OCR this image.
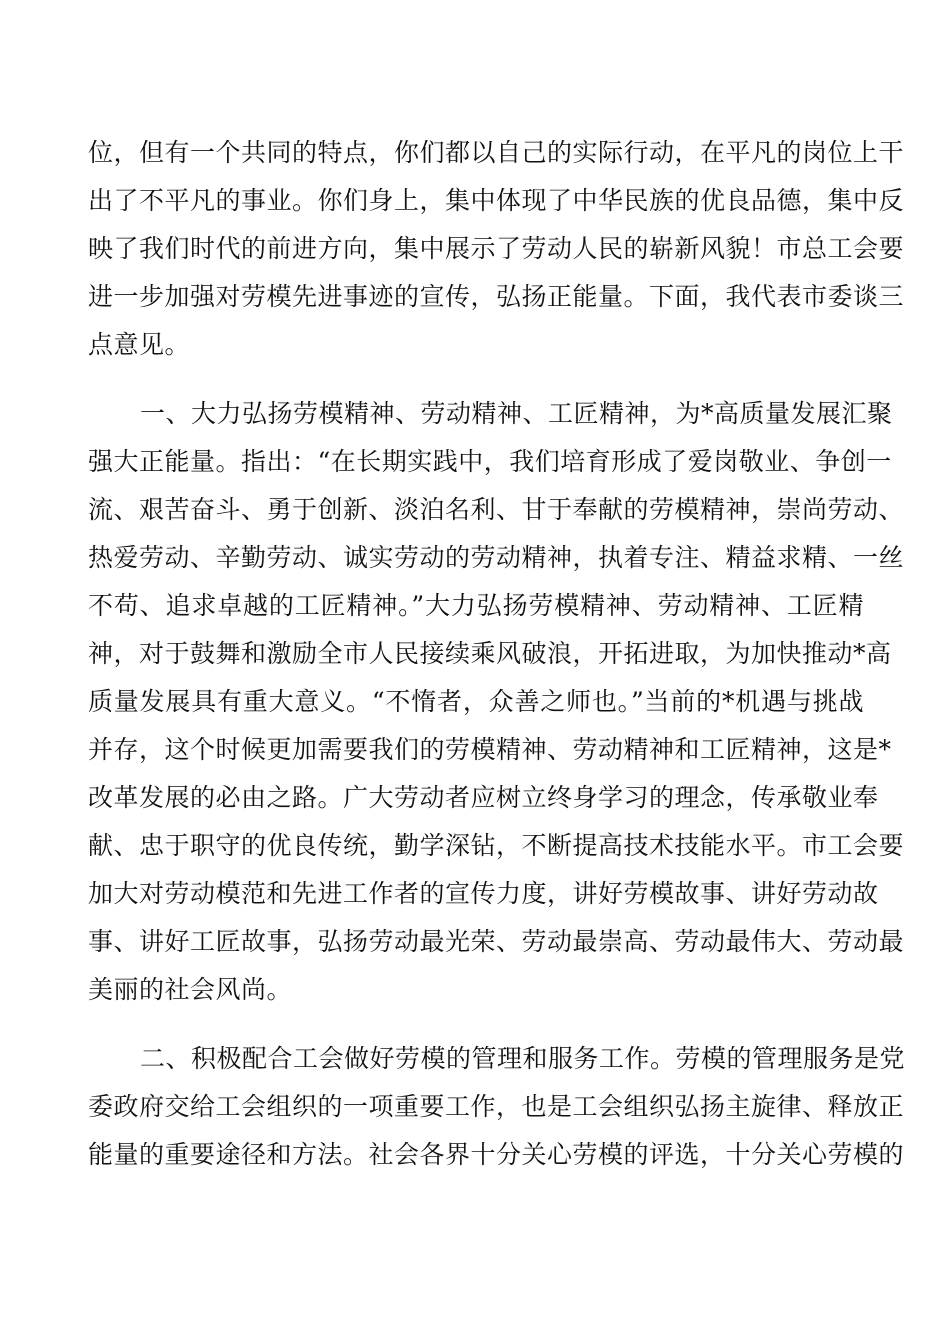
位，但有一个共同的特点，你们都以自己的实际行动，在平凡的岗位上干
出了不平凡的事业。你们身上，集中体现了中华民族的优良品德，集中反
映了我们时代的前进方向，集中展示了劳动人民的崭新风貌！市总工会要
进一步加强对劳模先进事迹的宣传，弘扬正能量。下面，我代表市委谈三
点意见。
一、大力弘扬劳模精神、劳动精神、工匠精神，为*高质量发展汇聚
强大正能量。指出：“在长期实践中，我们培育形成了爱岗敬业、争创一
流、艰苦奋斗、勇于创新、淡泊名利、甘于奉献的劳模精神，崇尚劳动、
热爱劳动、辛勤劳动、诚实劳动的劳动精神，执着专注、精益求精、一丝
不苟、追求卓越的工匠精神。”大力弘扬劳模精神、劳动精神、工匠精
神，对于鼓舞和激励全市人民接续乘风破浪，开拓进取，为加快推动*高
质量发展具有重大意义。“不惰者，众善之师也。”当前的*机遇与挑战
并存，这个时候更加需要我们的劳模精神、劳动精神和工匠精神，这是*
改革发展的必由之路。广大劳动者应树立终身学习的理念，传承敬业奉
献、忠于职守的优良传统，勤学深钻，不断提高技术技能水平。市工会要
加大对劳动模范和先进工作者的宣传力度，讲好劳模故事、讲好劳动故
事、讲好工匠故事，弘扬劳动最光荣、劳动最崇高、劳动最伟大、劳动最
美丽的社会风尚。
二、积极配合工会做好劳模的管理和服务工作。劳模的管理服务是党
委政府交给工会组织的一项重要工作，也是工会组织弘扬主旋律、释放正
能量的重要途径和方法。社会各界十分关心劳模的评选，十分关心劳模的
